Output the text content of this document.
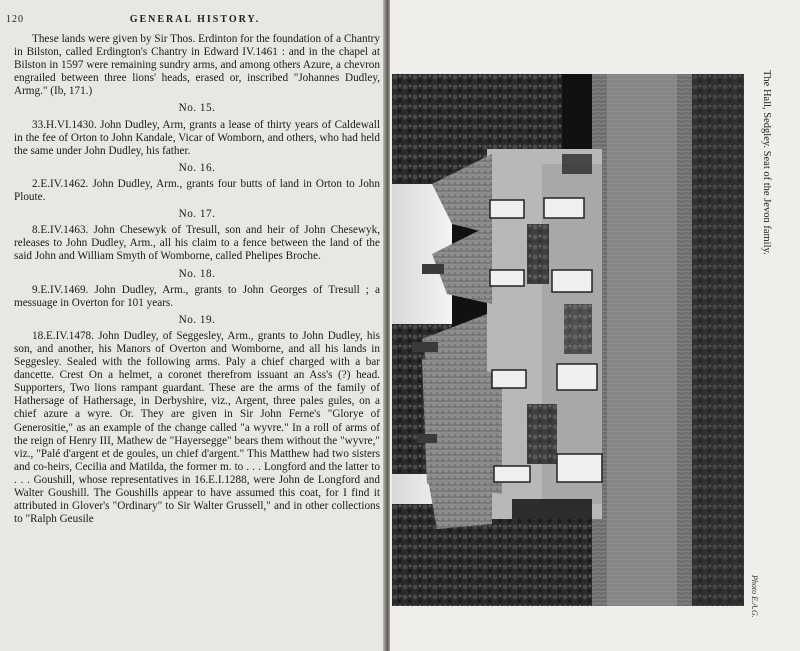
120	GENERAL HISTORY.

These lands were given by Sir Thos. Erdinton for the foundation of a Chantry in Bilston, called Erdington's Chantry in Edward IV.1461 : and in the chapel at Bilston in 1597 were remaining sundry arms, and among others Azure, a chevron engrailed between three lions' heads, erased or, inscribed "Johannes Dudley, Armg." (Ib, 171.)

No. 15.

33.H.VI.1430. John Dudley, Arm, grants a lease of thirty years of Caldewall in the fee of Orton to John Kandale, Vicar of Womborn, and others, who had held the same under John Dudley, his father.

No. 16.

2.E.IV.1462. John Dudley, Arm., grants four butts of land in Orton to John Ploute.

No. 17.

8.E.IV.1463. John Chesewyk of Tresull, son and heir of John Chesewyk, releases to John Dudley, Arm., all his claim to a fence between the land of the said John and William Smyth of Womborne, called Phelipes Broche.

No. 18.

9.E.IV.1469. John Dudley, Arm., grants to John Georges of Tresull ; a messuage in Overton for 101 years.

No. 19.

18.E.IV.1478. John Dudley, of Seggesley, Arm., grants to John Dudley, his son, and another, his Manors of Overton and Womborne, and all his lands in Seggesley. Sealed with the following arms. Paly a chief charged with a bar dancette. Crest On a helmet, a coronet therefrom issuant an Ass's (?) head. Supporters, Two lions rampant guardant. These are the arms of the family of Hathersage of Hathersage, in Derbyshire, viz., Argent, three pales gules, on a chief azure a wyre. Or. They are given in Sir John Ferne's "Glorye of Generositie," as an example of the change called "a wyvre." In a roll of arms of the reign of Henry III, Mathew de "Hayersegge" bears them without the "wyvre," viz., "Palé d'argent et de goules, un chief d'argent." This Matthew had two sisters and co-heirs, Cecilia and Matilda, the former m. to . . . Longford and the latter to . . . Goushill, whose representatives in 16.E.I.1288, were John de Longford and Walter Goushill. The Goushills appear to have assumed this coat, for I find it attributed in Glover's "Ordinary" to Sir Walter Grussell," and in other collections to "Ralph Geusile

The Hall, Sedgley. Seat of the Jevon family.
Photo E.A.G.
